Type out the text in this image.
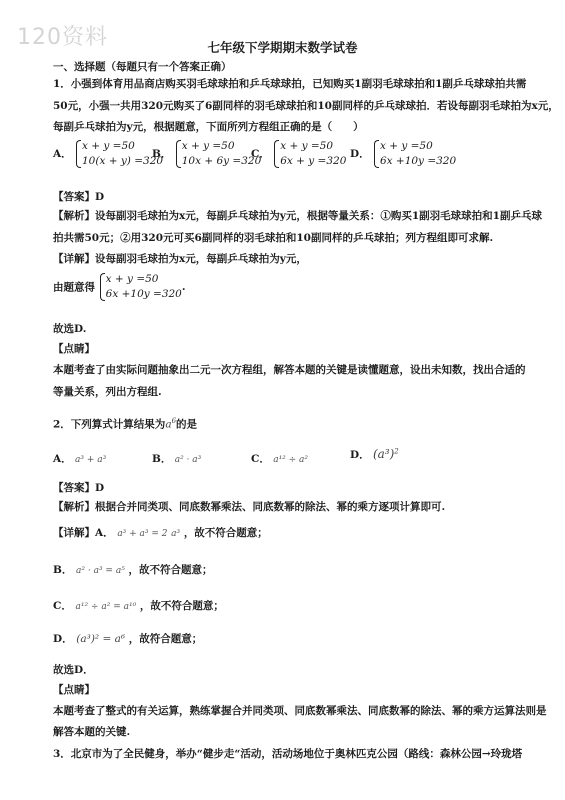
120资料	七年级下学期期末数学试卷
一、选择题（每题只有一个答案正确）
1．小强到体育用品商店购买羽毛球球拍和乒乓球球拍，已知购买1副羽毛球球拍和1副乒乓球球拍共需
50元，小强一共用320元购买了6副同样的羽毛球球拍和10副同样的乒乓球球拍．若设每副羽毛球拍为x元，
每副乒乓球拍为y元，根据题意，下面所列方程组正确的是（　　）
A．
x + y =50
10(x + y) =320
B．
x + y =50
10x + 6y =320
C．
x + y =50
6x + y =320
D．
x + y =50
6x +10y =320
【答案】D
【解析】设每副羽毛球拍为x元，每副乒乓球拍为y元，根据等量关系：①购买1副羽毛球球拍和1副乒乓球
拍共需50元；②用320元可买6副同样的羽毛球拍和10副同样的乒乓球拍；列方程组即可求解.
【详解】设每副羽毛球拍为x元，每副乒乓球拍为y元，
由题意得
x + y =50
6x +10y =320
.
故选D.
【点睛】
本题考查了由实际问题抽象出二元一次方程组，解答本题的关键是读懂题意，设出未知数，找出合适的
等量关系，列出方程组.
2．下列算式计算结果为$a^6$的是
A． a³ + a³	B． a² · a³	C． a¹² ÷ a²	D． $(a^3)^2$
【答案】D
【解析】根据合并同类项、同底数幂乘法、同底数幂的除法、幂的乘方逐项计算即可.
【详解】A． a³ + a³ = 2 a³ ，故不符合题意；
B． a² · a³ = a⁵ ，故不符合题意；
C． a¹² ÷ a² = a¹⁰ ，故不符合题意；
D． (a³)² = a⁶ ，故符合题意；
故选D．
【点睛】
本题考查了整式的有关运算，熟练掌握合并同类项、同底数幂乘法、同底数幂的除法、幂的乘方运算法则是
解答本题的关键.
3．北京市为了全民健身，举办“健步走“活动，活动场地位于奥林匹克公园（路线：森林公园→玲珑塔
